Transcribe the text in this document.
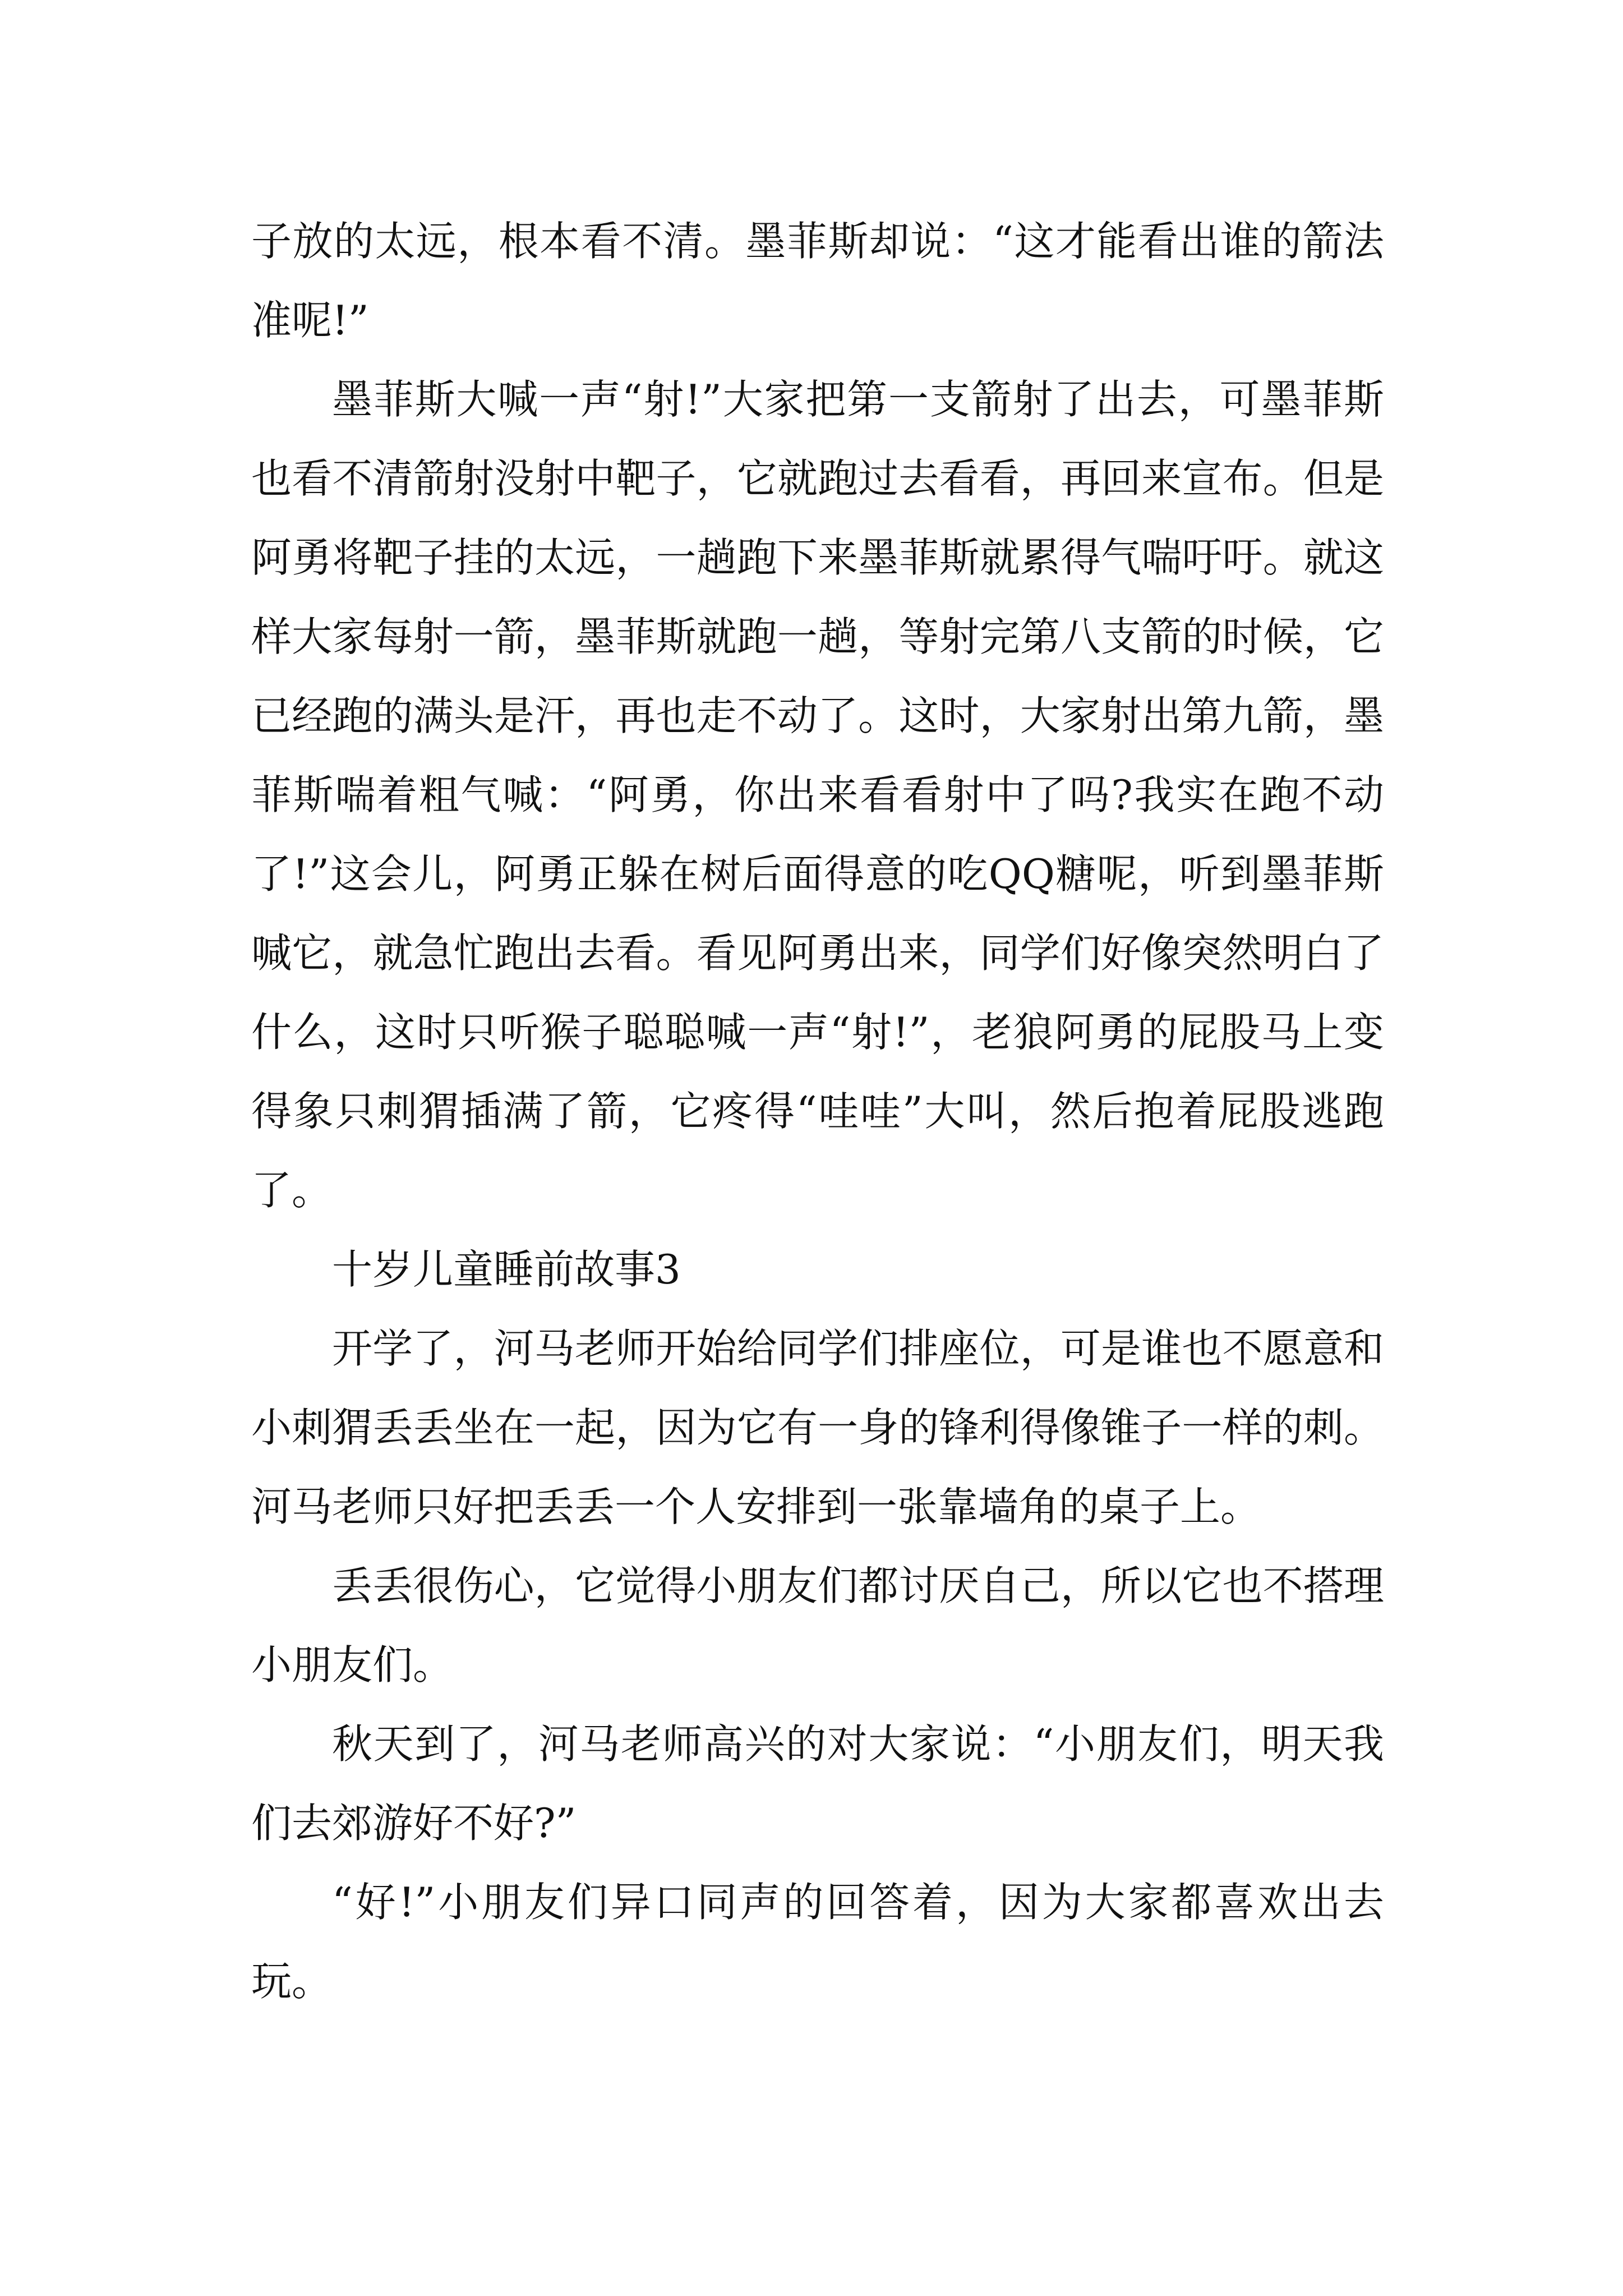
子放的太远，根本看不清。墨菲斯却说：“这才能看出谁的箭法准呢!”

墨菲斯大喊一声“射!”大家把第一支箭射了出去，可墨菲斯也看不清箭射没射中靶子，它就跑过去看看，再回来宣布。但是阿勇将靶子挂的太远，一趟跑下来墨菲斯就累得气喘吁吁。就这样大家每射一箭，墨菲斯就跑一趟，等射完第八支箭的时候，它已经跑的满头是汗，再也走不动了。这时，大家射出第九箭，墨菲斯喘着粗气喊：“阿勇，你出来看看射中了吗?我实在跑不动了!”这会儿，阿勇正躲在树后面得意的吃QQ糖呢，听到墨菲斯喊它，就急忙跑出去看。看见阿勇出来，同学们好像突然明白了什么，这时只听猴子聪聪喊一声“射!”，老狼阿勇的屁股马上变得象只刺猬插满了箭，它疼得“哇哇”大叫，然后抱着屁股逃跑了。

十岁儿童睡前故事3

开学了，河马老师开始给同学们排座位，可是谁也不愿意和小刺猬丢丢坐在一起，因为它有一身的锋利得像锥子一样的刺。河马老师只好把丢丢一个人安排到一张靠墙角的桌子上。

丢丢很伤心，它觉得小朋友们都讨厌自己，所以它也不搭理小朋友们。

秋天到了，河马老师高兴的对大家说：“小朋友们，明天我们去郊游好不好?”

“好!”小朋友们异口同声的回答着，因为大家都喜欢出去玩。
